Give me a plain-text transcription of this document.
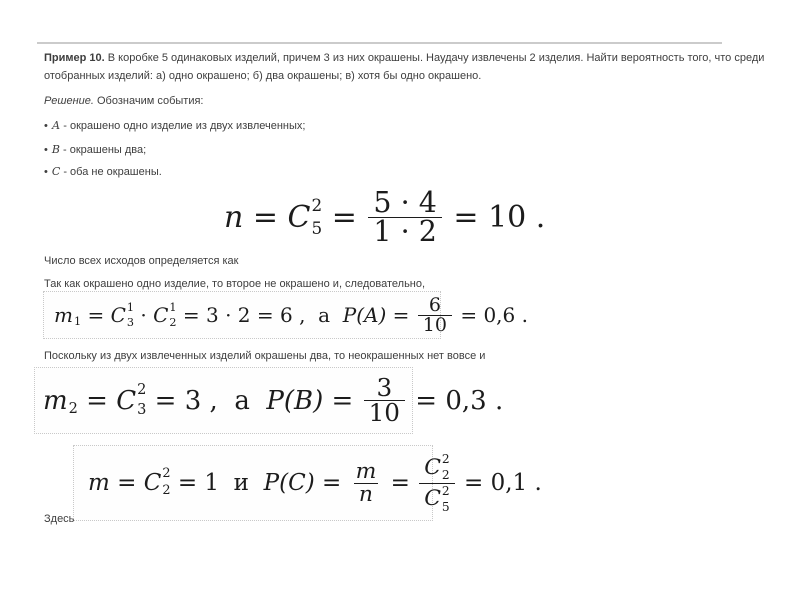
Пример 10. В коробке 5 одинаковых изделий, причем 3 из них окрашены. Наудачу извлечены 2 изделия. Найти вероятность того, что среди
отобранных изделий: а) одно окрашено; б) два окрашены; в) хотя бы одно окрашено.
Решение. Обозначим события:
• А - окрашено одно изделие из двух извлеченных;
• В - окрашены два;
• С - оба не окрашены.
n = C 2
$5 = \frac{5 \cdot 4}{1 \cdot 2} = 10$ .
Число всех исходов определяется как
Так как окрашено одно изделие, то второе не окрашено и, следовательно,
m 1 = C 1
3 · C 1
2 = 3 · 2 = 6 ,  а $P(A) = \frac{6}{10} = 0,6$ .
Поскольку из двух извлеченных изделий окрашены два, то неокрашенных нет вовсе и
m 2 = C 2
3 = 3 ,  а $P(B) = \frac{3}{10} = 0,3$ .
m = C 2
2 = 1  и $P(C) = \frac{m}{n} = C$ 2
2
C 2
5 = 0,1 .
Здесь
